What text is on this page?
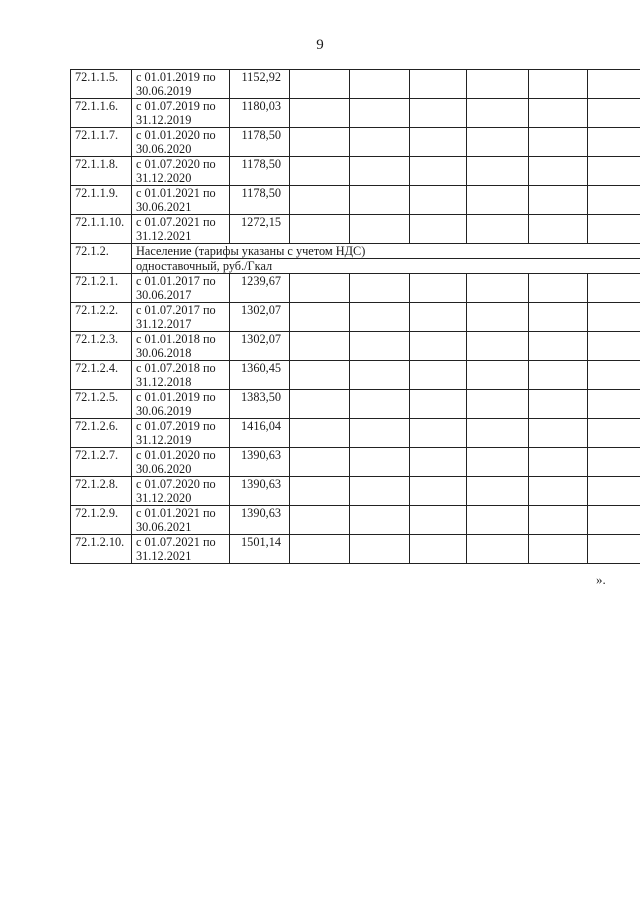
9
72.1.1.5.	с 01.01.2019 по
30.06.2019	1152,92						
72.1.1.6.	с 01.07.2019 по
31.12.2019	1180,03						
72.1.1.7.	с 01.01.2020 по
30.06.2020	1178,50						
72.1.1.8.	с 01.07.2020 по
31.12.2020	1178,50						
72.1.1.9.	с 01.01.2021 по
30.06.2021	1178,50						
72.1.1.10.	с 01.07.2021 по
31.12.2021	1272,15						
72.1.2.	Население (тарифы указаны с учетом НДС)							
	одноставочный, руб./Гкал							
72.1.2.1.	с 01.01.2017 по
30.06.2017	1239,67						
72.1.2.2.	с 01.07.2017 по
31.12.2017	1302,07						
72.1.2.3.	с 01.01.2018 по
30.06.2018	1302,07						
72.1.2.4.	с 01.07.2018 по
31.12.2018	1360,45						
72.1.2.5.	с 01.01.2019 по
30.06.2019	1383,50						
72.1.2.6.	с 01.07.2019 по
31.12.2019	1416,04						
72.1.2.7.	с 01.01.2020 по
30.06.2020	1390,63						
72.1.2.8.	с 01.07.2020 по
31.12.2020	1390,63						
72.1.2.9.	с 01.01.2021 по
30.06.2021	1390,63						
72.1.2.10.	с 01.07.2021 по
31.12.2021	1501,14						
».
